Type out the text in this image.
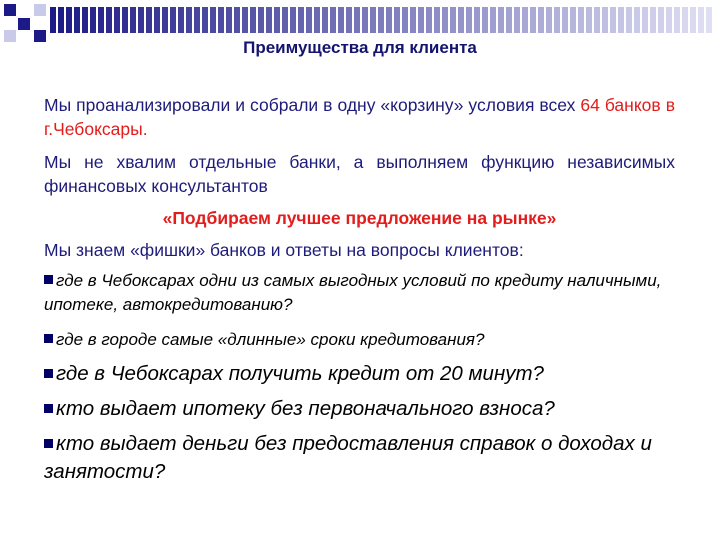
Преимущества для клиента
Мы проанализировали и собрали в одну «корзину» условия всех 64 банков в г.Чебоксары.
Мы не хвалим отдельные банки, а выполняем функцию независимых финансовых консультантов
«Подбираем лучшее предложение на рынке»
Мы знаем «фишки» банков и ответы на вопросы клиентов:
где в Чебоксарах одни из самых выгодных условий по кредиту наличными, ипотеке, автокредитованию?
где в городе самые «длинные» сроки кредитования?
где в Чебоксарах получить кредит от 20 минут?
кто выдает ипотеку без первоначального взноса?
кто выдает деньги без предоставления справок о доходах и занятости?
